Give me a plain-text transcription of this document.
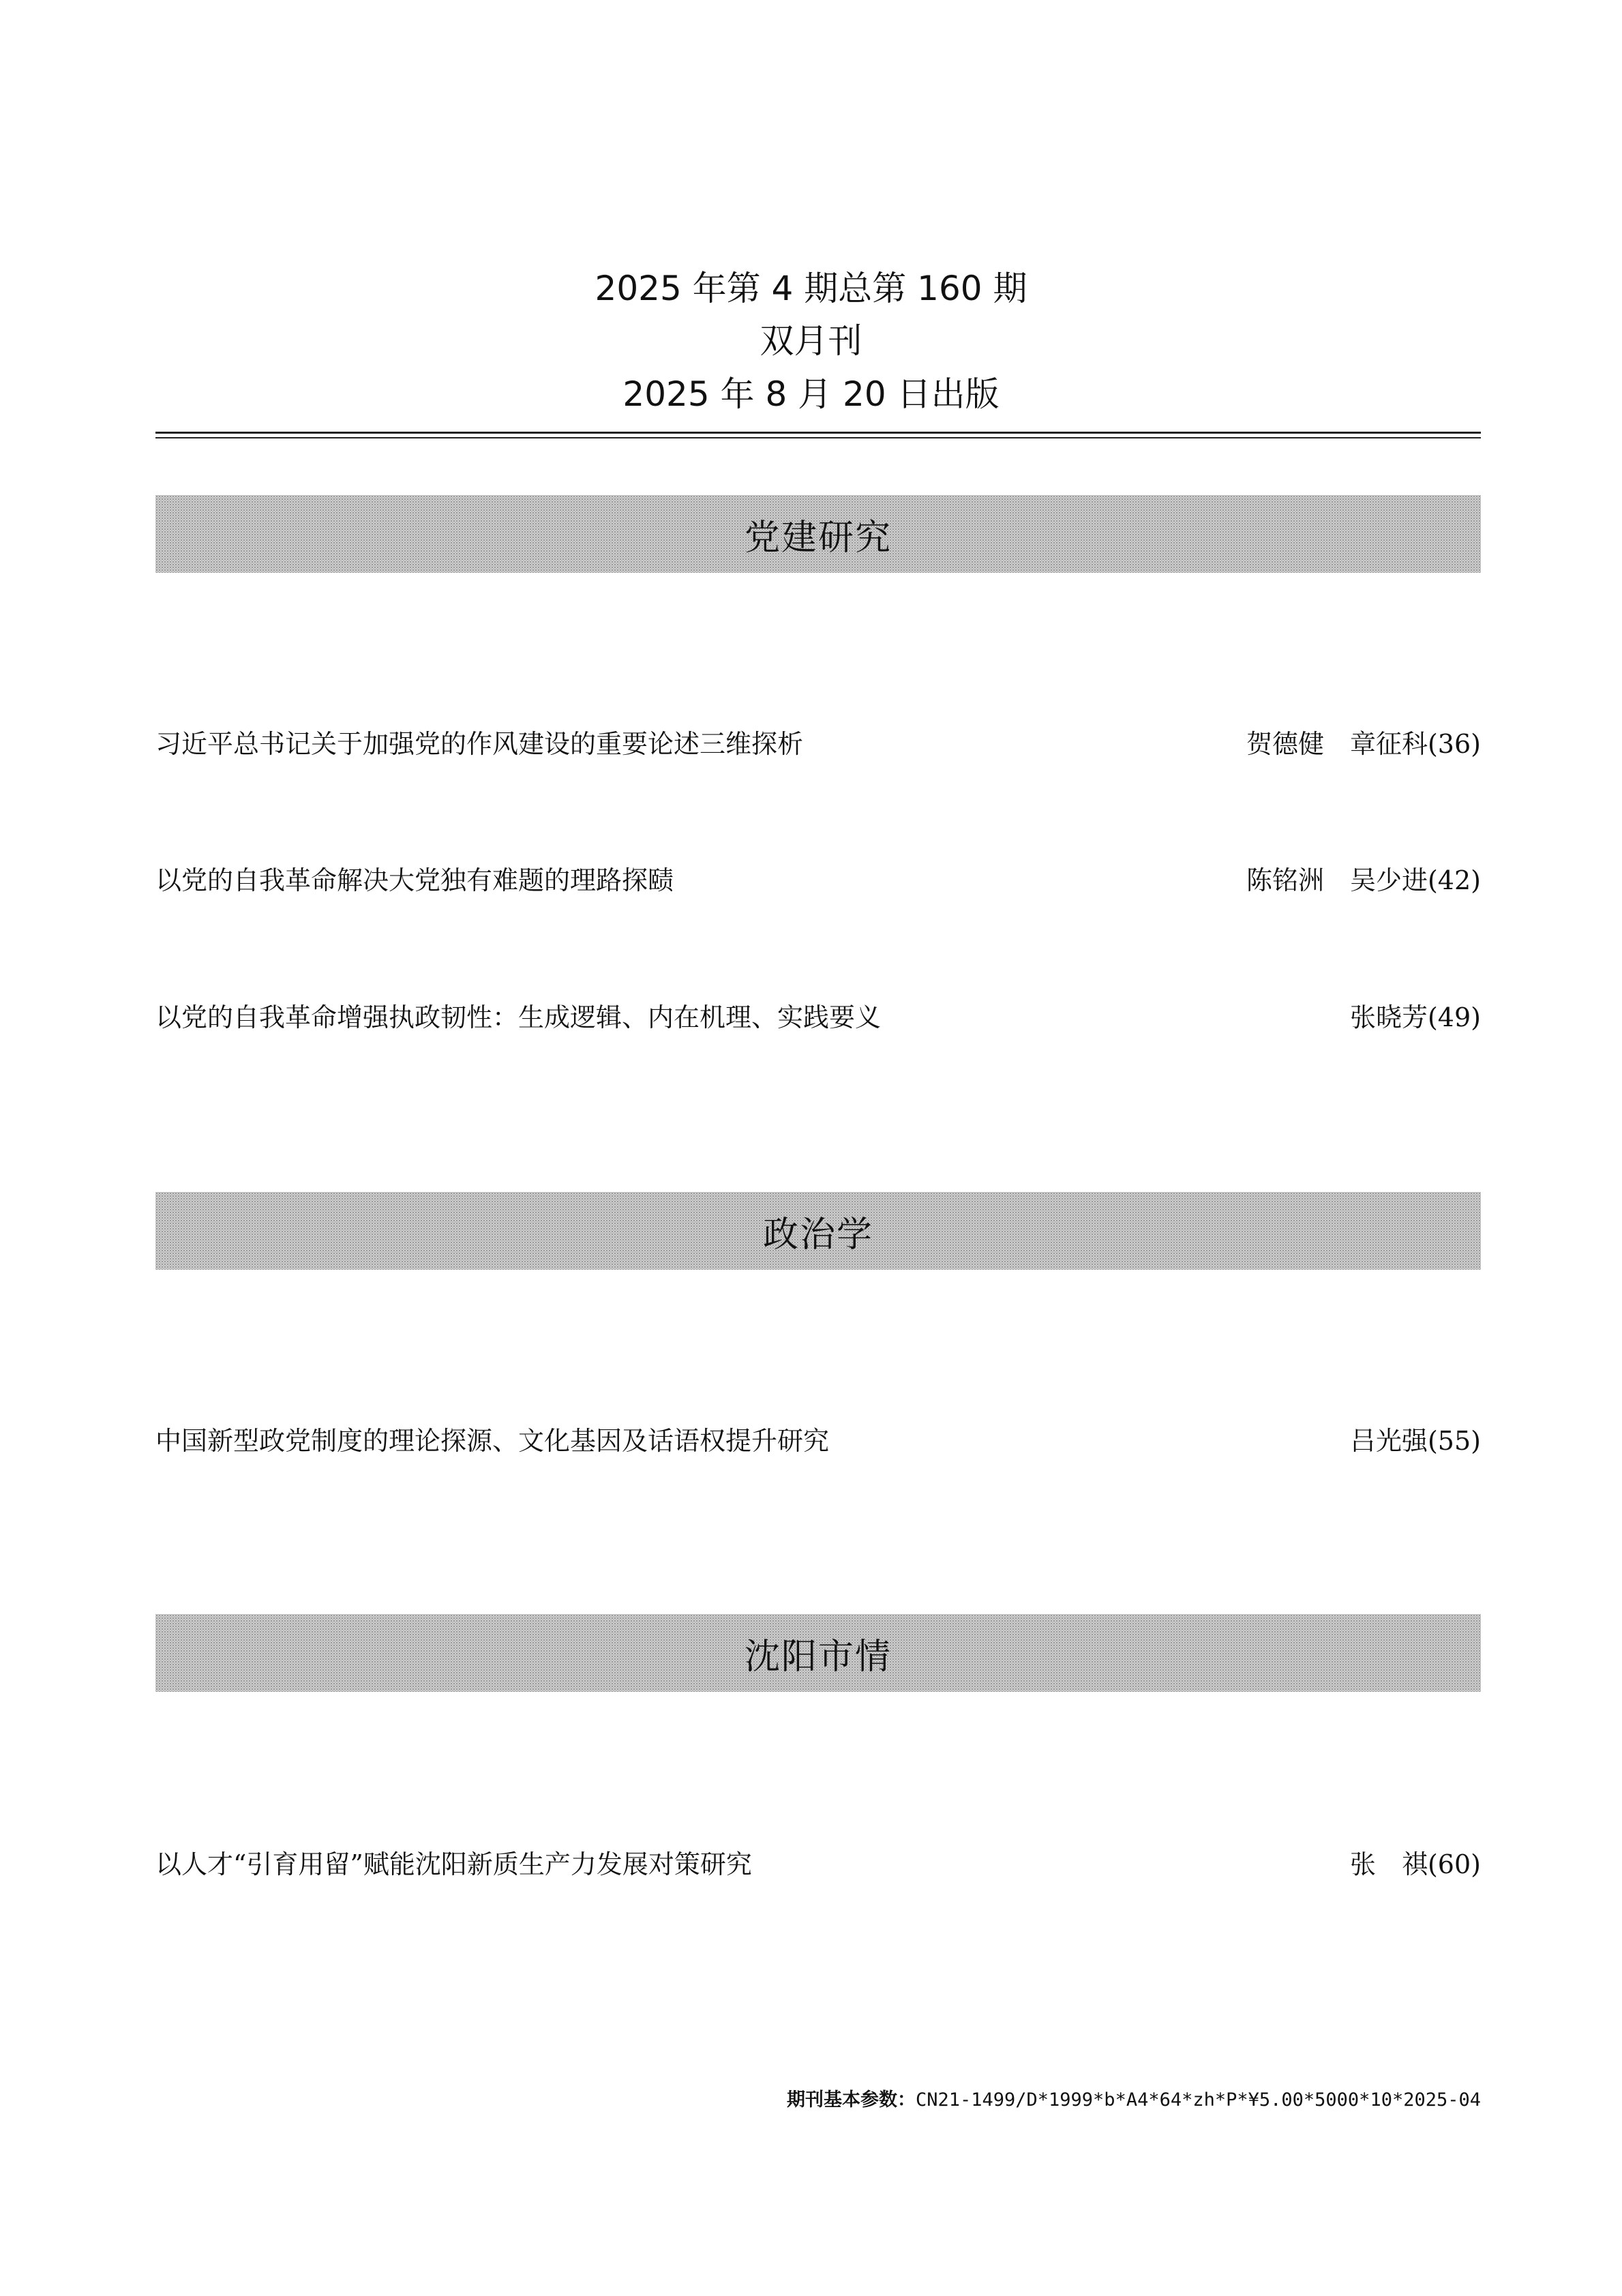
2025 年第 4 期总第 160 期
双月刊
2025 年 8 月 20 日出版
党建研究
习近平总书记关于加强党的作风建设的重要论述三维探析	贺德健　章征科(36)
以党的自我革命解决大党独有难题的理路探赜	陈铭洲　吴少进(42)
以党的自我革命增强执政韧性：生成逻辑、内在机理、实践要义	张晓芳(49)
政治学
中国新型政党制度的理论探源、文化基因及话语权提升研究	吕光强(55)
沈阳市情
以人才“引育用留”赋能沈阳新质生产力发展对策研究	张　祺(60)
期刊基本参数：CN21-1499/D*1999*b*A4*64*zh*P*¥5.00*5000*10*2025-04
